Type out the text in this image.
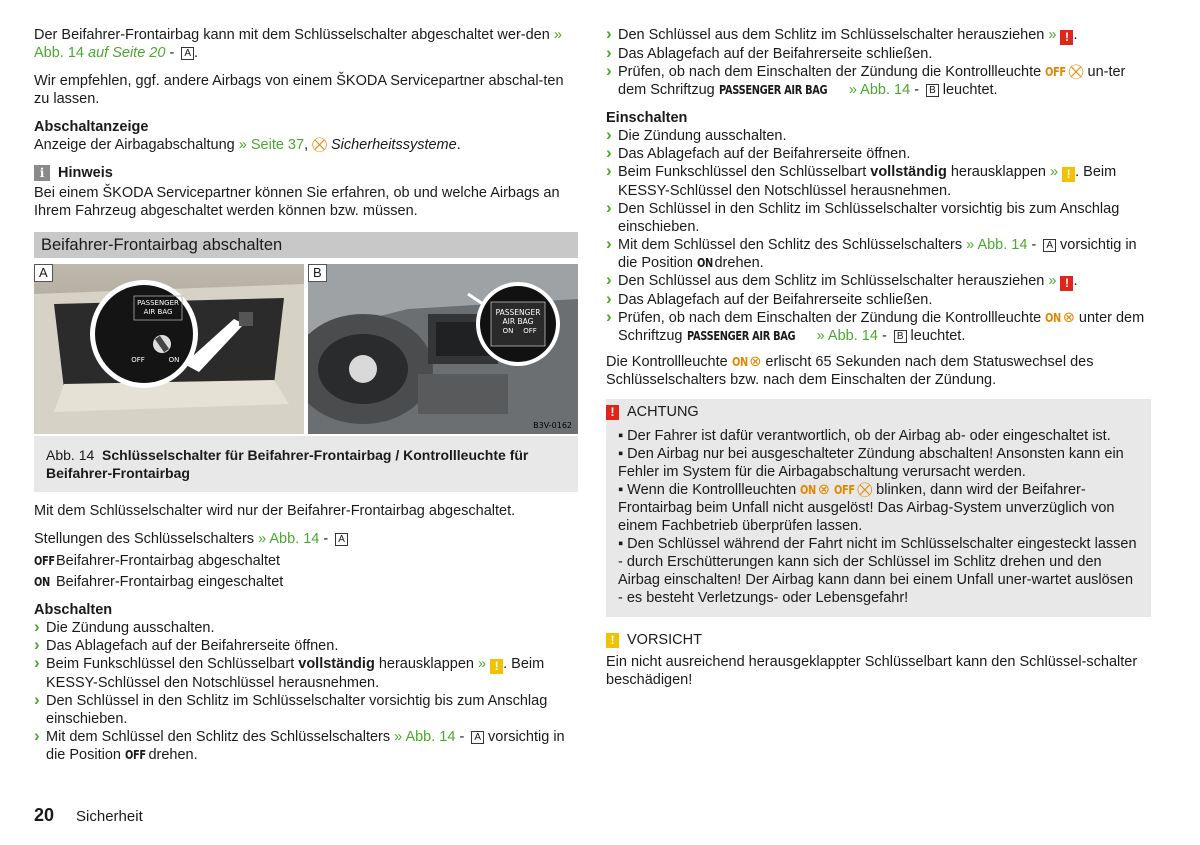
Der Beifahrer-Frontairbag kann mit dem Schlüsselschalter abgeschaltet wer-den » Abb. 14 auf Seite 20 - A .

Wir empfehlen, ggf. andere Airbags von einem ŠKODA Servicepartner abschal-ten zu lassen.

Abschaltanzeige

Anzeige der Airbagabschaltung » Seite 37, ⛒ Sicherheitssysteme.

i Hinweis

Bei einem ŠKODA Servicepartner können Sie erfahren, ob und welche Airbags an Ihrem Fahrzeug abgeschaltet werden können bzw. müssen.

Beifahrer-Frontairbag abschalten
PASSENGER
AIR BAG
OFF	ON
A
PASSENGER
AIR BAG
ON OFF
B3V-0162
B
Abb. 14 Schlüsselschalter für Beifahrer-Frontairbag / Kontrollleuchte für Beifahrer-Frontairbag

Mit dem Schlüsselschalter wird nur der Beifahrer-Frontairbag abgeschaltet.

Stellungen des Schlüsselschalters » Abb. 14 - A

OFF Beifahrer-Frontairbag abgeschaltet
ON Beifahrer-Frontairbag eingeschaltet

Abschalten

› Die Zündung ausschalten.

› Das Ablagefach auf der Beifahrerseite öffnen.

› Beim Funkschlüssel den Schlüsselbart vollständig herausklappen » ! . Beim KESSY-Schlüssel den Notschlüssel herausnehmen.

› Den Schlüssel in den Schlitz im Schlüsselschalter vorsichtig bis zum Anschlag einschieben.

› Mit dem Schlüssel den Schlitz des Schlüsselschalters » Abb. 14 - A vorsichtig in die Position OFF drehen.

› Den Schlüssel aus dem Schlitz im Schlüsselschalter herausziehen » ! .

› Das Ablagefach auf der Beifahrerseite schließen.

› Prüfen, ob nach dem Einschalten der Zündung die Kontrollleuchte OFF ⛒ un-ter dem Schriftzug PASSENGER AIR BAG » Abb. 14 - B leuchtet.

Einschalten

› Die Zündung ausschalten.

› Das Ablagefach auf der Beifahrerseite öffnen.

› Beim Funkschlüssel den Schlüsselbart vollständig herausklappen » ! . Beim KESSY-Schlüssel den Notschlüssel herausnehmen.

› Den Schlüssel in den Schlitz im Schlüsselschalter vorsichtig bis zum Anschlag einschieben.

› Mit dem Schlüssel den Schlitz des Schlüsselschalters » Abb. 14 - A vorsichtig in die Position ON drehen.

› Den Schlüssel aus dem Schlitz im Schlüsselschalter herausziehen » ! .

› Das Ablagefach auf der Beifahrerseite schließen.

› Prüfen, ob nach dem Einschalten der Zündung die Kontrollleuchte ON ⊗ unter dem Schriftzug PASSENGER AIR BAG » Abb. 14 - B leuchtet.

Die Kontrollleuchte ON ⊗ erlischt 65 Sekunden nach dem Statuswechsel des Schlüsselschalters bzw. nach dem Einschalten der Zündung.

! ACHTUNG

▪ Der Fahrer ist dafür verantwortlich, ob der Airbag ab- oder eingeschaltet ist.

▪ Den Airbag nur bei ausgeschalteter Zündung abschalten! Ansonsten kann ein Fehler im System für die Airbagabschaltung verursacht werden.

▪ Wenn die Kontrollleuchten ON ⊗ OFF ⛒ blinken, dann wird der Beifahrer-Frontairbag beim Unfall nicht ausgelöst! Das Airbag-System unverzüglich von einem Fachbetrieb überprüfen lassen.

▪ Den Schlüssel während der Fahrt nicht im Schlüsselschalter eingesteckt lassen - durch Erschütterungen kann sich der Schlüssel im Schlitz drehen und den Airbag einschalten! Der Airbag kann dann bei einem Unfall uner-wartet auslösen - es besteht Verletzungs- oder Lebensgefahr!

! VORSICHT

Ein nicht ausreichend herausgeklappter Schlüsselbart kann den Schlüssel-schalter beschädigen!

20 Sicherheit
